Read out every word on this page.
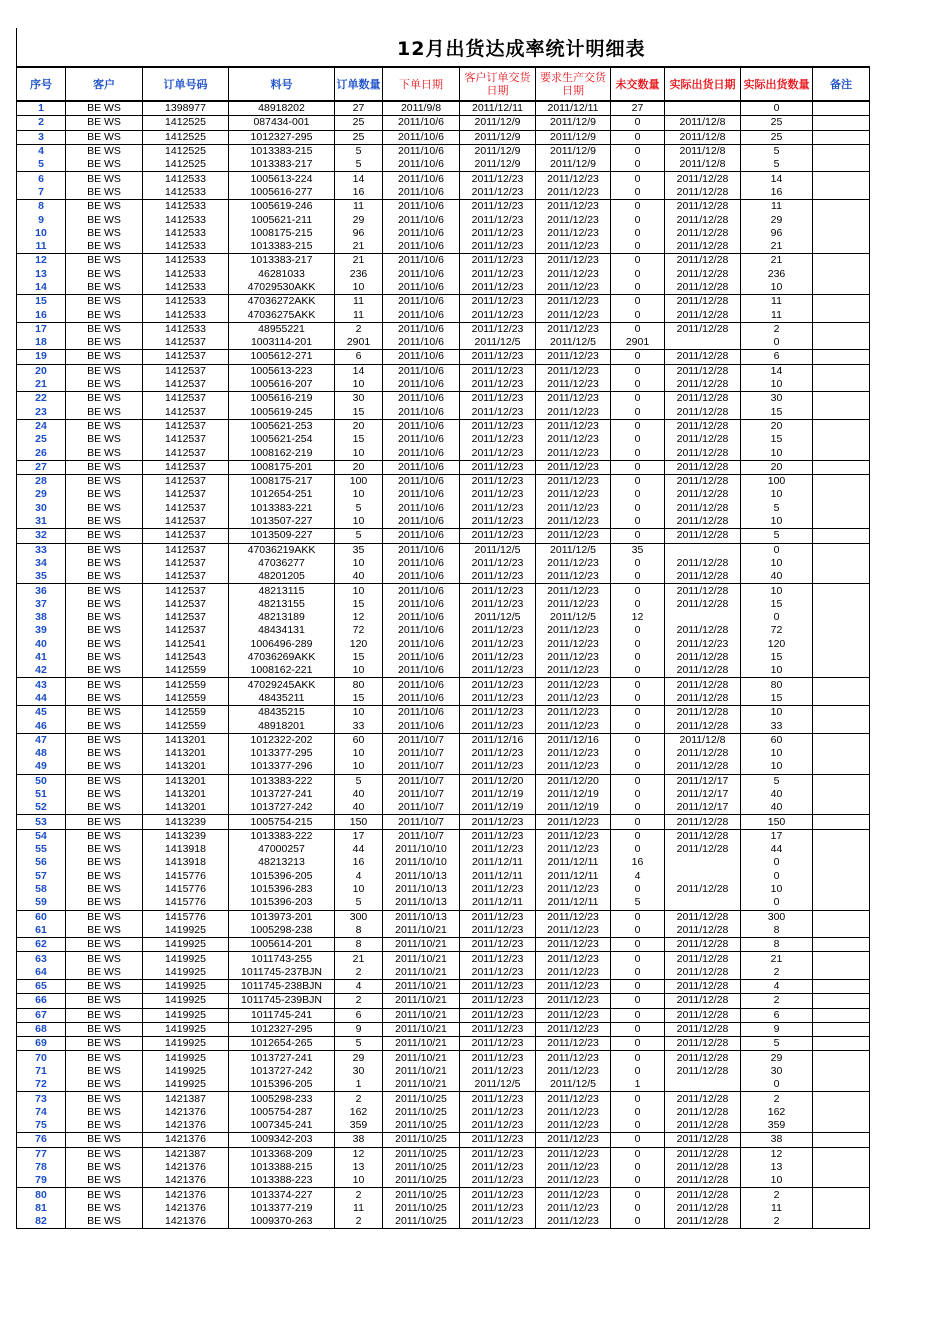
12月出货达成率统计明细表
序号	客户	订单号码	料号	订单数量	下单日期	客户订单交货日期	要求生产交货日期	未交数量	实际出货日期	实际出货数量	备注
1	BE WS	1398977	48918202	27	2011/9/8	2011/12/11	2011/12/11	27		0	
2	BE WS	1412525	087434-001	25	2011/10/6	2011/12/9	2011/12/9	0	2011/12/8	25	
3	BE WS	1412525	1012327-295	25	2011/10/6	2011/12/9	2011/12/9	0	2011/12/8	25	
4	BE WS	1412525	1013383-215	5	2011/10/6	2011/12/9	2011/12/9	0	2011/12/8	5	
5	BE WS	1412525	1013383-217	5	2011/10/6	2011/12/9	2011/12/9	0	2011/12/8	5	
6	BE WS	1412533	1005613-224	14	2011/10/6	2011/12/23	2011/12/23	0	2011/12/28	14	
7	BE WS	1412533	1005616-277	16	2011/10/6	2011/12/23	2011/12/23	0	2011/12/28	16	
8	BE WS	1412533	1005619-246	11	2011/10/6	2011/12/23	2011/12/23	0	2011/12/28	11	
9	BE WS	1412533	1005621-211	29	2011/10/6	2011/12/23	2011/12/23	0	2011/12/28	29	
10	BE WS	1412533	1008175-215	96	2011/10/6	2011/12/23	2011/12/23	0	2011/12/28	96	
11	BE WS	1412533	1013383-215	21	2011/10/6	2011/12/23	2011/12/23	0	2011/12/28	21	
12	BE WS	1412533	1013383-217	21	2011/10/6	2011/12/23	2011/12/23	0	2011/12/28	21	
13	BE WS	1412533	46281033	236	2011/10/6	2011/12/23	2011/12/23	0	2011/12/28	236	
14	BE WS	1412533	47029530AKK	10	2011/10/6	2011/12/23	2011/12/23	0	2011/12/28	10	
15	BE WS	1412533	47036272AKK	11	2011/10/6	2011/12/23	2011/12/23	0	2011/12/28	11	
16	BE WS	1412533	47036275AKK	11	2011/10/6	2011/12/23	2011/12/23	0	2011/12/28	11	
17	BE WS	1412533	48955221	2	2011/10/6	2011/12/23	2011/12/23	0	2011/12/28	2	
18	BE WS	1412537	1003114-201	2901	2011/10/6	2011/12/5	2011/12/5	2901		0	
19	BE WS	1412537	1005612-271	6	2011/10/6	2011/12/23	2011/12/23	0	2011/12/28	6	
20	BE WS	1412537	1005613-223	14	2011/10/6	2011/12/23	2011/12/23	0	2011/12/28	14	
21	BE WS	1412537	1005616-207	10	2011/10/6	2011/12/23	2011/12/23	0	2011/12/28	10	
22	BE WS	1412537	1005616-219	30	2011/10/6	2011/12/23	2011/12/23	0	2011/12/28	30	
23	BE WS	1412537	1005619-245	15	2011/10/6	2011/12/23	2011/12/23	0	2011/12/28	15	
24	BE WS	1412537	1005621-253	20	2011/10/6	2011/12/23	2011/12/23	0	2011/12/28	20	
25	BE WS	1412537	1005621-254	15	2011/10/6	2011/12/23	2011/12/23	0	2011/12/28	15	
26	BE WS	1412537	1008162-219	10	2011/10/6	2011/12/23	2011/12/23	0	2011/12/28	10	
27	BE WS	1412537	1008175-201	20	2011/10/6	2011/12/23	2011/12/23	0	2011/12/28	20	
28	BE WS	1412537	1008175-217	100	2011/10/6	2011/12/23	2011/12/23	0	2011/12/28	100	
29	BE WS	1412537	1012654-251	10	2011/10/6	2011/12/23	2011/12/23	0	2011/12/28	10	
30	BE WS	1412537	1013383-221	5	2011/10/6	2011/12/23	2011/12/23	0	2011/12/28	5	
31	BE WS	1412537	1013507-227	10	2011/10/6	2011/12/23	2011/12/23	0	2011/12/28	10	
32	BE WS	1412537	1013509-227	5	2011/10/6	2011/12/23	2011/12/23	0	2011/12/28	5	
33	BE WS	1412537	47036219AKK	35	2011/10/6	2011/12/5	2011/12/5	35		0	
34	BE WS	1412537	47036277	10	2011/10/6	2011/12/23	2011/12/23	0	2011/12/28	10	
35	BE WS	1412537	48201205	40	2011/10/6	2011/12/23	2011/12/23	0	2011/12/28	40	
36	BE WS	1412537	48213115	10	2011/10/6	2011/12/23	2011/12/23	0	2011/12/28	10	
37	BE WS	1412537	48213155	15	2011/10/6	2011/12/23	2011/12/23	0	2011/12/28	15	
38	BE WS	1412537	48213189	12	2011/10/6	2011/12/5	2011/12/5	12		0	
39	BE WS	1412537	48434131	72	2011/10/6	2011/12/23	2011/12/23	0	2011/12/28	72	
40	BE WS	1412541	1006496-289	120	2011/10/6	2011/12/23	2011/12/23	0	2011/12/23	120	
41	BE WS	1412543	47036269AKK	15	2011/10/6	2011/12/23	2011/12/23	0	2011/12/28	15	
42	BE WS	1412559	1008162-221	10	2011/10/6	2011/12/23	2011/12/23	0	2011/12/28	10	
43	BE WS	1412559	47029245AKK	80	2011/10/6	2011/12/23	2011/12/23	0	2011/12/28	80	
44	BE WS	1412559	48435211	15	2011/10/6	2011/12/23	2011/12/23	0	2011/12/28	15	
45	BE WS	1412559	48435215	10	2011/10/6	2011/12/23	2011/12/23	0	2011/12/28	10	
46	BE WS	1412559	48918201	33	2011/10/6	2011/12/23	2011/12/23	0	2011/12/28	33	
47	BE WS	1413201	1012322-202	60	2011/10/7	2011/12/16	2011/12/16	0	2011/12/8	60	
48	BE WS	1413201	1013377-295	10	2011/10/7	2011/12/23	2011/12/23	0	2011/12/28	10	
49	BE WS	1413201	1013377-296	10	2011/10/7	2011/12/23	2011/12/23	0	2011/12/28	10	
50	BE WS	1413201	1013383-222	5	2011/10/7	2011/12/20	2011/12/20	0	2011/12/17	5	
51	BE WS	1413201	1013727-241	40	2011/10/7	2011/12/19	2011/12/19	0	2011/12/17	40	
52	BE WS	1413201	1013727-242	40	2011/10/7	2011/12/19	2011/12/19	0	2011/12/17	40	
53	BE WS	1413239	1005754-215	150	2011/10/7	2011/12/23	2011/12/23	0	2011/12/28	150	
54	BE WS	1413239	1013383-222	17	2011/10/7	2011/12/23	2011/12/23	0	2011/12/28	17	
55	BE WS	1413918	47000257	44	2011/10/10	2011/12/23	2011/12/23	0	2011/12/28	44	
56	BE WS	1413918	48213213	16	2011/10/10	2011/12/11	2011/12/11	16		0	
57	BE WS	1415776	1015396-205	4	2011/10/13	2011/12/11	2011/12/11	4		0	
58	BE WS	1415776	1015396-283	10	2011/10/13	2011/12/23	2011/12/23	0	2011/12/28	10	
59	BE WS	1415776	1015396-203	5	2011/10/13	2011/12/11	2011/12/11	5		0	
60	BE WS	1415776	1013973-201	300	2011/10/13	2011/12/23	2011/12/23	0	2011/12/28	300	
61	BE WS	1419925	1005298-238	8	2011/10/21	2011/12/23	2011/12/23	0	2011/12/28	8	
62	BE WS	1419925	1005614-201	8	2011/10/21	2011/12/23	2011/12/23	0	2011/12/28	8	
63	BE WS	1419925	1011743-255	21	2011/10/21	2011/12/23	2011/12/23	0	2011/12/28	21	
64	BE WS	1419925	1011745-237BJN	2	2011/10/21	2011/12/23	2011/12/23	0	2011/12/28	2	
65	BE WS	1419925	1011745-238BJN	4	2011/10/21	2011/12/23	2011/12/23	0	2011/12/28	4	
66	BE WS	1419925	1011745-239BJN	2	2011/10/21	2011/12/23	2011/12/23	0	2011/12/28	2	
67	BE WS	1419925	1011745-241	6	2011/10/21	2011/12/23	2011/12/23	0	2011/12/28	6	
68	BE WS	1419925	1012327-295	9	2011/10/21	2011/12/23	2011/12/23	0	2011/12/28	9	
69	BE WS	1419925	1012654-265	5	2011/10/21	2011/12/23	2011/12/23	0	2011/12/28	5	
70	BE WS	1419925	1013727-241	29	2011/10/21	2011/12/23	2011/12/23	0	2011/12/28	29	
71	BE WS	1419925	1013727-242	30	2011/10/21	2011/12/23	2011/12/23	0	2011/12/28	30	
72	BE WS	1419925	1015396-205	1	2011/10/21	2011/12/5	2011/12/5	1		0	
73	BE WS	1421387	1005298-233	2	2011/10/25	2011/12/23	2011/12/23	0	2011/12/28	2	
74	BE WS	1421376	1005754-287	162	2011/10/25	2011/12/23	2011/12/23	0	2011/12/28	162	
75	BE WS	1421376	1007345-241	359	2011/10/25	2011/12/23	2011/12/23	0	2011/12/28	359	
76	BE WS	1421376	1009342-203	38	2011/10/25	2011/12/23	2011/12/23	0	2011/12/28	38	
77	BE WS	1421387	1013368-209	12	2011/10/25	2011/12/23	2011/12/23	0	2011/12/28	12	
78	BE WS	1421376	1013388-215	13	2011/10/25	2011/12/23	2011/12/23	0	2011/12/28	13	
79	BE WS	1421376	1013388-223	10	2011/10/25	2011/12/23	2011/12/23	0	2011/12/28	10	
80	BE WS	1421376	1013374-227	2	2011/10/25	2011/12/23	2011/12/23	0	2011/12/28	2	
81	BE WS	1421376	1013377-219	11	2011/10/25	2011/12/23	2011/12/23	0	2011/12/28	11	
82	BE WS	1421376	1009370-263	2	2011/10/25	2011/12/23	2011/12/23	0	2011/12/28	2	
